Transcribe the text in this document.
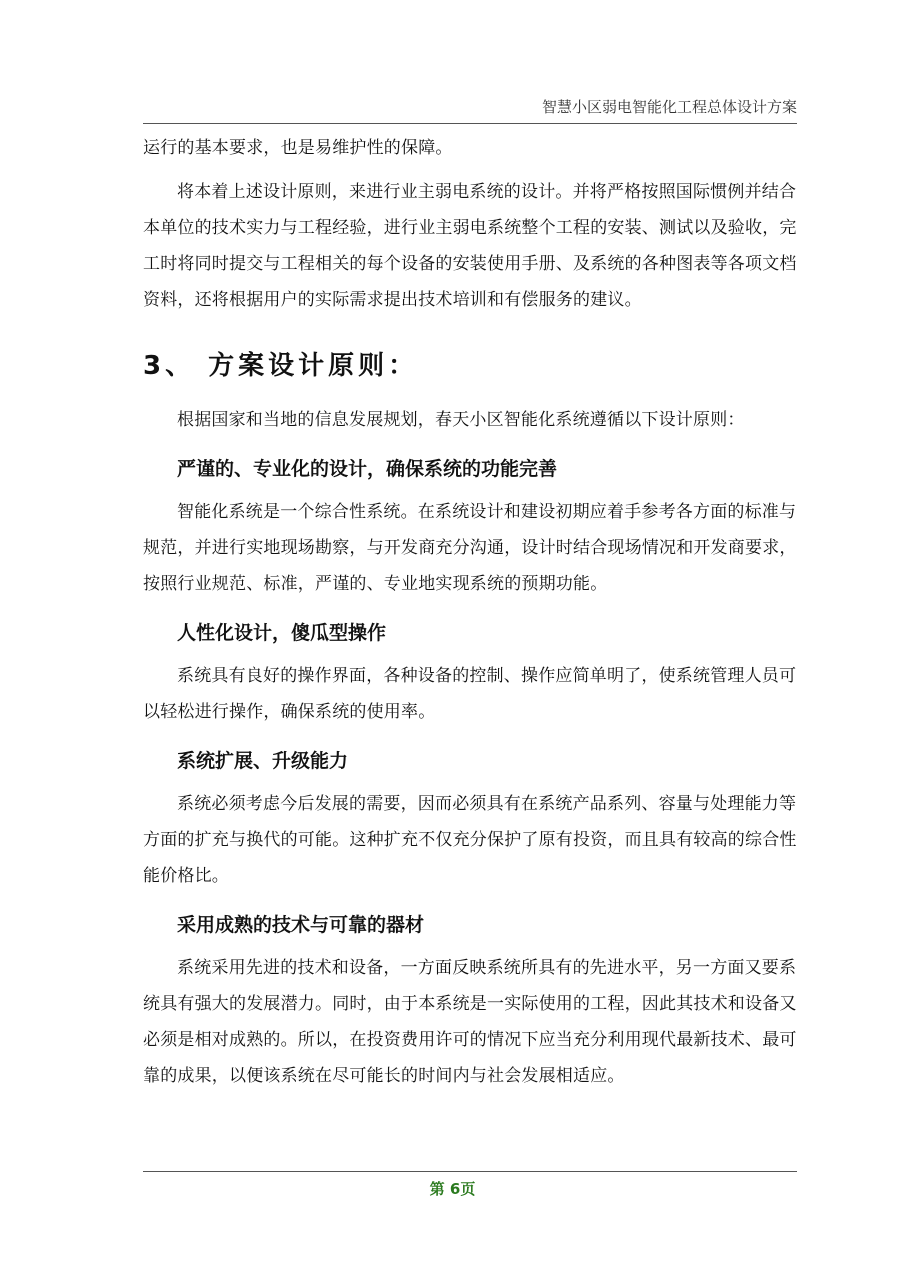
智慧小区弱电智能化工程总体设计方案

运行的基本要求，也是易维护性的保障。

将本着上述设计原则，来进行业主弱电系统的设计。并将严格按照国际惯例并结合本单位的技术实力与工程经验，进行业主弱电系统整个工程的安装、测试以及验收，完工时将同时提交与工程相关的每个设备的安装使用手册、及系统的各种图表等各项文档资料，还将根据用户的实际需求提出技术培训和有偿服务的建议。

3、 方案设计原则：

根据国家和当地的信息发展规划，春天小区智能化系统遵循以下设计原则：

严谨的、专业化的设计，确保系统的功能完善

智能化系统是一个综合性系统。在系统设计和建设初期应着手参考各方面的标准与规范，并进行实地现场勘察，与开发商充分沟通，设计时结合现场情况和开发商要求，按照行业规范、标准，严谨的、专业地实现系统的预期功能。

人性化设计，傻瓜型操作

系统具有良好的操作界面，各种设备的控制、操作应简单明了，使系统管理人员可以轻松进行操作，确保系统的使用率。

系统扩展、升级能力

系统必须考虑今后发展的需要，因而必须具有在系统产品系列、容量与处理能力等方面的扩充与换代的可能。这种扩充不仅充分保护了原有投资，而且具有较高的综合性能价格比。

采用成熟的技术与可靠的器材

系统采用先进的技术和设备，一方面反映系统所具有的先进水平，另一方面又要系统具有强大的发展潜力。同时，由于本系统是一实际使用的工程，因此其技术和设备又必须是相对成熟的。所以，在投资费用许可的情况下应当充分利用现代最新技术、最可靠的成果，以便该系统在尽可能长的时间内与社会发展相适应。

第 6页
